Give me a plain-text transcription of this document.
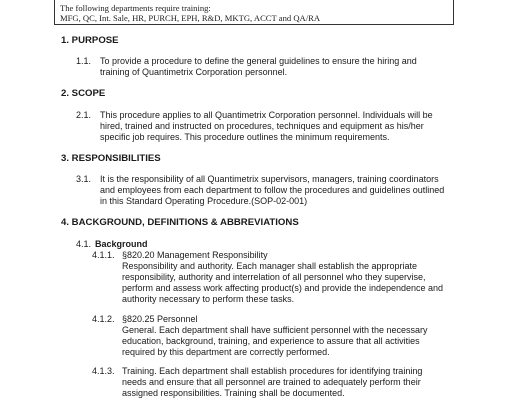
The following departments require training:
MFG, QC, Int. Sale, HR, PURCH, EPH, R&D, MKTG, ACCT and QA/RA
1. PURPOSE
1.1. To provide a procedure to define the general guidelines to ensure the hiring and
training of Quantimetrix Corporation personnel.
2. SCOPE
2.1. This procedure applies to all Quantimetrix Corporation personnel. Individuals will be
hired, trained and instructed on procedures, techniques and equipment as his/her
specific job requires. This procedure outlines the minimum requirements.
3. RESPONSIBILITIES
3.1. It is the responsibility of all Quantimetrix supervisors, managers, training coordinators
and employees from each department to follow the procedures and guidelines outlined
in this Standard Operating Procedure.(SOP-02-001)
4. BACKGROUND, DEFINITIONS & ABBREVIATIONS
4.1. Background
4.1.1. §820.20 Management Responsibility
Responsibility and authority. Each manager shall establish the appropriate
responsibility, authority and interrelation of all personnel who they supervise,
perform and assess work affecting product(s) and provide the independence and
authority necessary to perform these tasks.
4.1.2. §820.25 Personnel
General. Each department shall have sufficient personnel with the necessary
education, background, training, and experience to assure that all activities
required by this department are correctly performed.
4.1.3. Training. Each department shall establish procedures for identifying training
needs and ensure that all personnel are trained to adequately perform their
assigned responsibilities. Training shall be documented.
